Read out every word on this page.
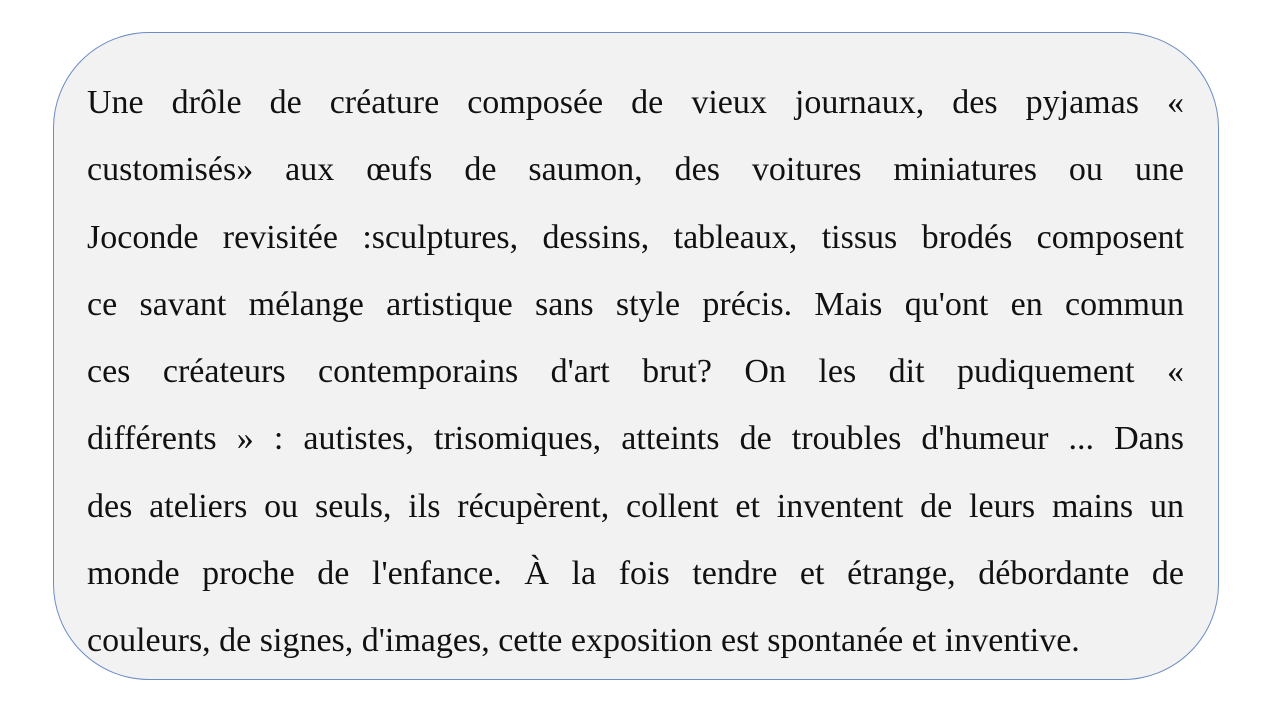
Une drôle de créature composée de vieux journaux, des pyjamas «
customisés» aux œufs de saumon, des voitures miniatures ou une
Joconde revisitée :sculptures, dessins, tableaux, tissus brodés composent
ce savant mélange artistique sans style précis. Mais qu'ont en commun
ces créateurs contemporains d'art brut? On les dit pudiquement «
différents » : autistes, trisomiques, atteints de troubles d'humeur ... Dans
des ateliers ou seuls, ils récupèrent, collent et inventent de leurs mains un
monde proche de l'enfance. À la fois tendre et étrange, débordante de
couleurs, de signes, d'images, cette exposition est spontanée et inventive.
